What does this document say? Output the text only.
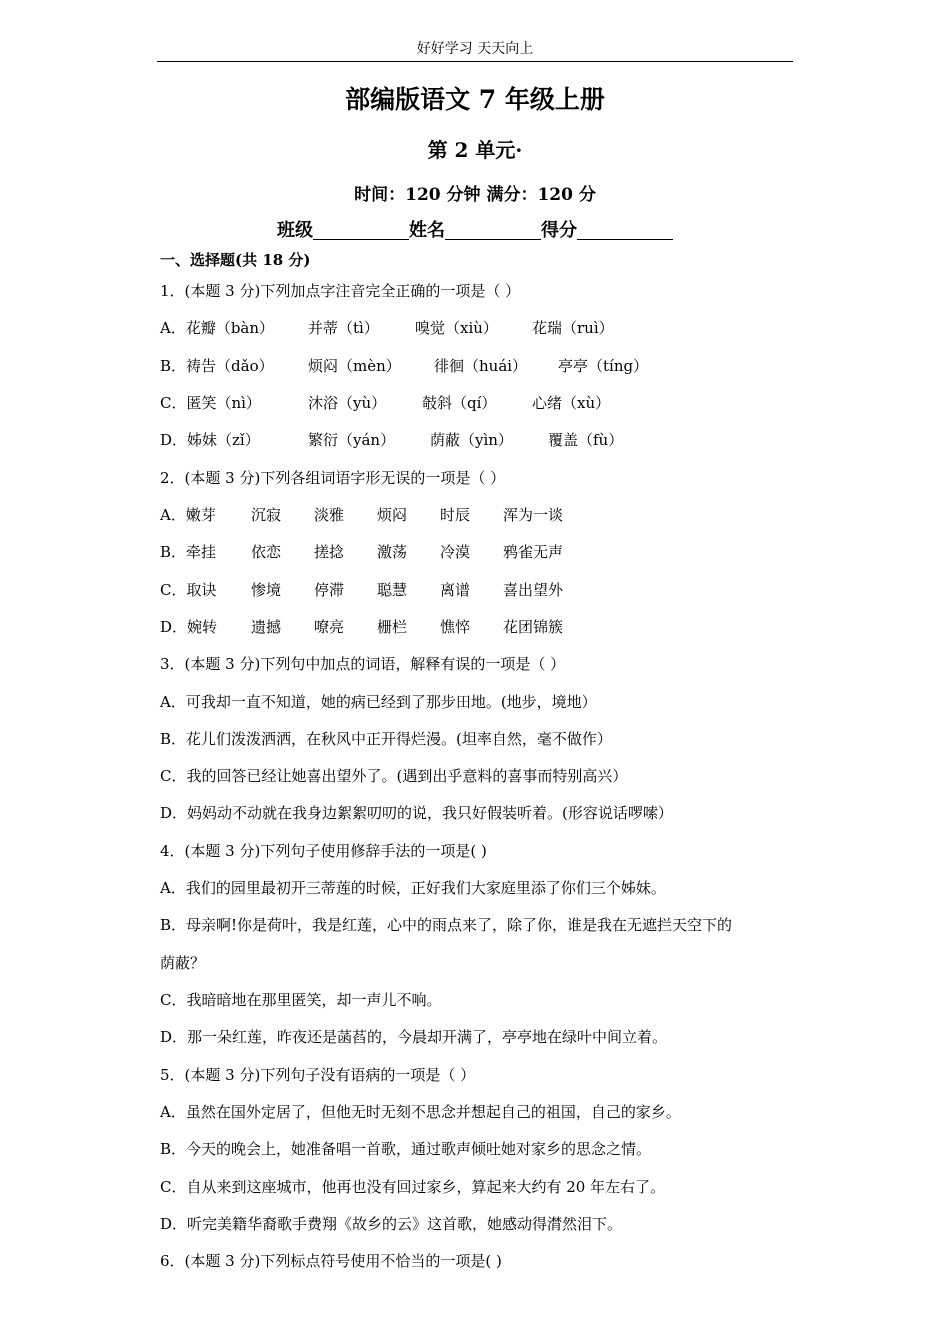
好好学习 天天向上
部编版语文 7 年级上册
第 2 单元·
时间：120 分钟 满分：120 分
班级	姓名	得分
一、选择题(共 18 分)
1．(本题 3 分)下列加点字注音完全正确的一项是（ ）
A．花瓣（bàn） 并蒂（tì） 嗅觉（xiù） 花瑞（ruì）
B．祷告（dǎo） 烦闷（mèn） 徘徊（huái） 亭亭（tíng）
C．匿笑（nì）	沐浴（yù） 攲斜（qí） 心绪（xù）
D．姊妹（zǐ）	繁衍（yán） 荫蔽（yìn） 覆盖（fù）
2．(本题 3 分)下列各组词语字形无误的一项是（ ）
A．嫩芽 沉寂 淡雅 烦闷 时辰 浑为一谈
B．牵挂 依恋 搓捻 激荡 冷漠 鸦雀无声
C．取诀 惨境 停滞 聪慧 离谱 喜出望外
D．婉转 遗撼 嘹亮 栅栏 憔悴 花团锦簇
3．(本题 3 分)下列句中加点的词语，解释有误的一项是（ ）
A．可我却一直不知道，她的病已经到了那步田地。(地步，境地）
B．花儿们泼泼洒洒，在秋风中正开得烂漫。(坦率自然，毫不做作）
C．我的回答已经让她喜出望外了。(遇到出乎意料的喜事而特别高兴）
D．妈妈动不动就在我身边絮絮叨叨的说，我只好假装听着。(形容说话啰嗦）
4．(本题 3 分)下列句子使用修辞手法的一项是( )
A．我们的园里最初开三蒂莲的时候，正好我们大家庭里添了你们三个姊妹。
B．母亲啊!你是荷叶，我是红莲，心中的雨点来了，除了你，谁是我在无遮拦天空下的
荫蔽？
C．我暗暗地在那里匿笑，却一声儿不响。
D．那一朵红莲，昨夜还是菡萏的，今晨却开满了，亭亭地在绿叶中间立着。
5．(本题 3 分)下列句子没有语病的一项是（ ）
A．虽然在国外定居了，但他无时无刻不思念并想起自己的祖国，自己的家乡。
B．今天的晚会上，她准备唱一首歌，通过歌声倾吐她对家乡的思念之情。
C．自从来到这座城市，他再也没有回过家乡，算起来大约有 20 年左右了。
D．听完美籍华裔歌手费翔《故乡的云》这首歌，她感动得潸然泪下。
6．(本题 3 分)下列标点符号使用不恰当的一项是( )
